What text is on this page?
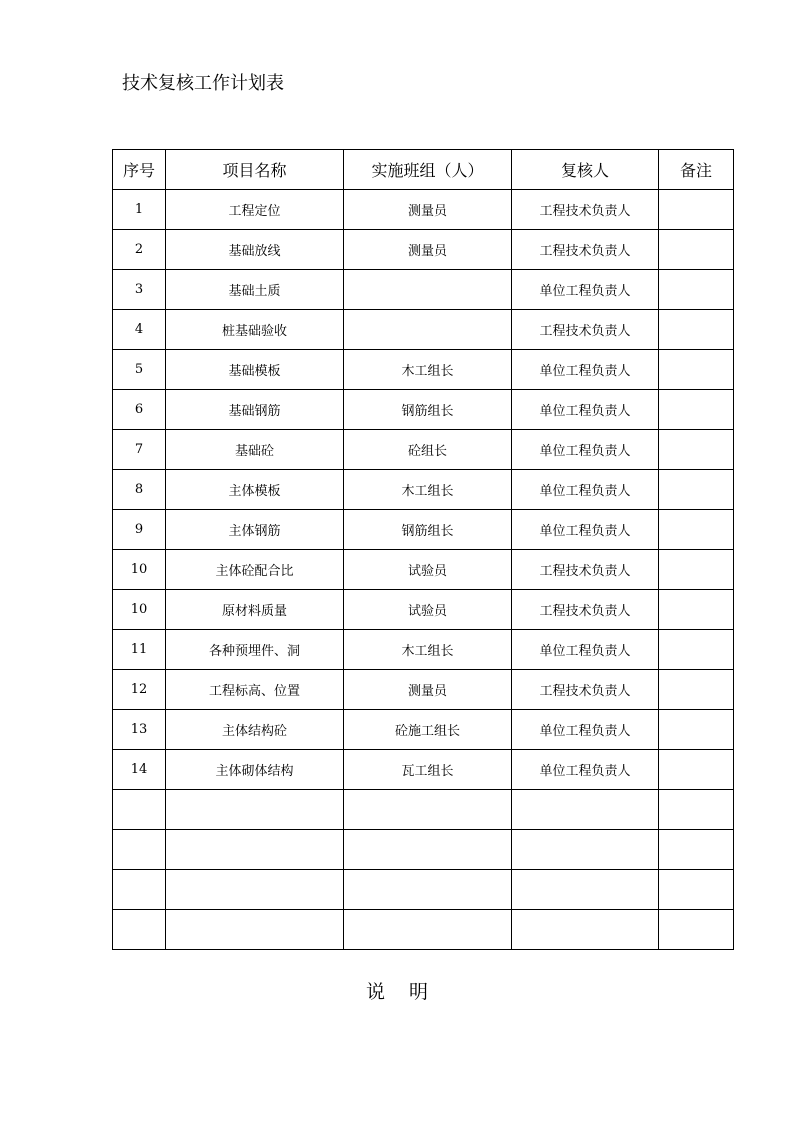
技术复核工作计划表
序号	项目名称	实施班组（人）	复核人	备注
1	工程定位	测量员	工程技术负责人	
2	基础放线	测量员	工程技术负责人	
3	基础土质		单位工程负责人	
4	桩基础验收		工程技术负责人	
5	基础模板	木工组长	单位工程负责人	
6	基础钢筋	钢筋组长	单位工程负责人	
7	基础砼	砼组长	单位工程负责人	
8	主体模板	木工组长	单位工程负责人	
9	主体钢筋	钢筋组长	单位工程负责人	
10	主体砼配合比	试验员	工程技术负责人	
10	原材料质量	试验员	工程技术负责人	
11	各种预埋件、洞	木工组长	单位工程负责人	
12	工程标高、位置	测量员	工程技术负责人	
13	主体结构砼	砼施工组长	单位工程负责人	
14	主体砌体结构	瓦工组长	单位工程负责人	

说 明
